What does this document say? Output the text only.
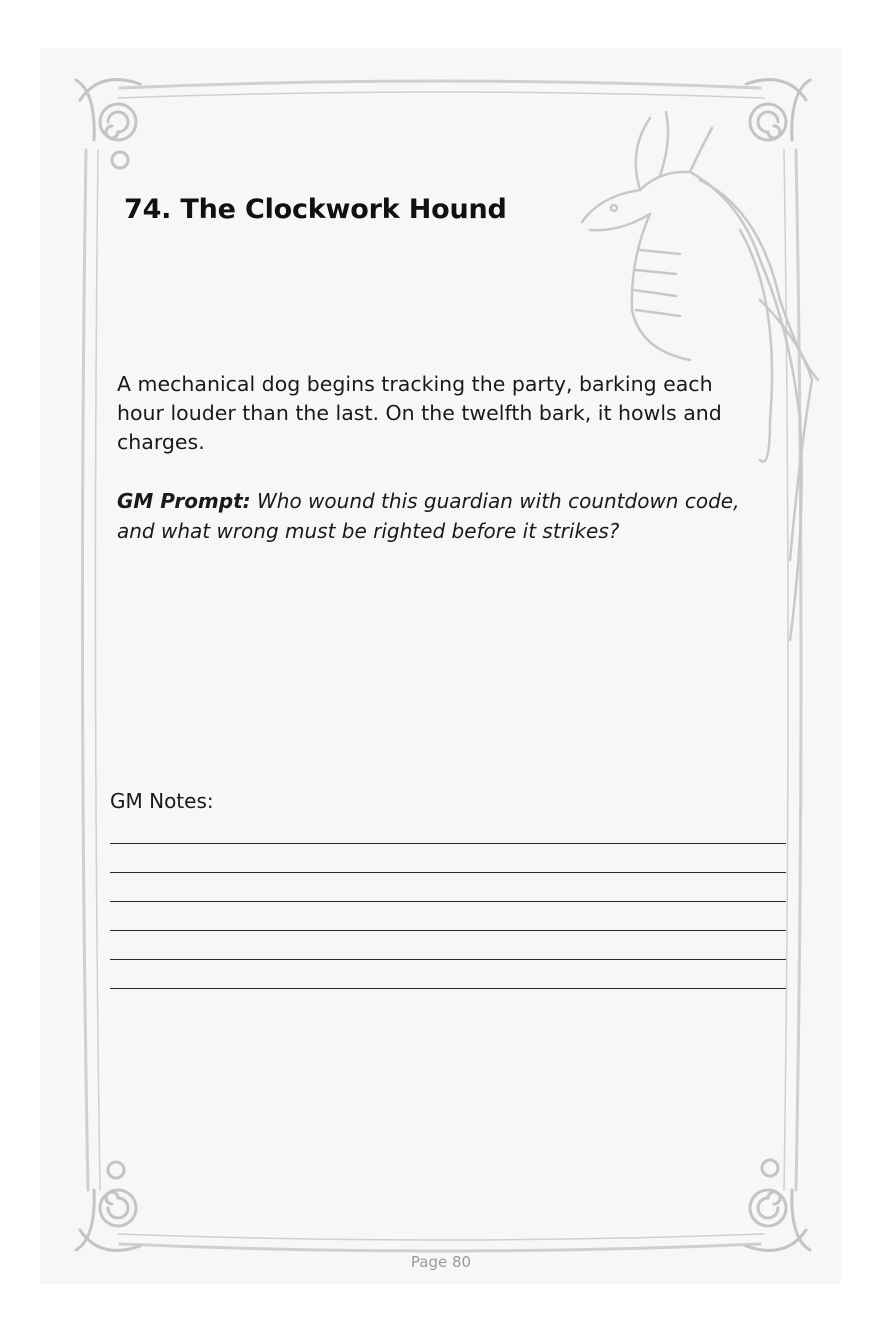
74. The Clockwork Hound
A mechanical dog begins tracking the party, barking each hour louder than the last. On the twelfth bark, it howls and charges.
GM Prompt: Who wound this guardian with countdown code, and what wrong must be righted before it strikes?
GM Notes:
Page 80
